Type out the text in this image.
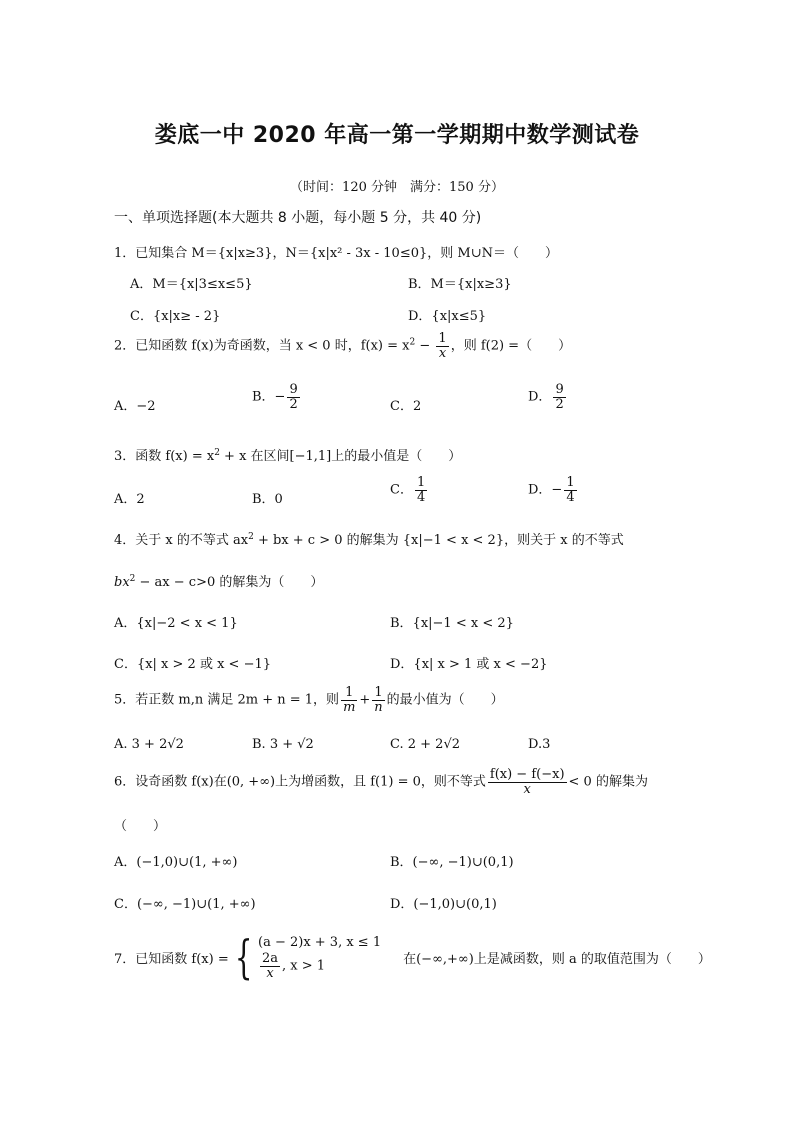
娄底一中 2020 年高一第一学期期中数学测试卷
（时间：120 分钟　满分：150 分）
一、单项选择题(本大题共 8 小题，每小题 5 分，共 40 分)
1．已知集合 M＝{x|x≥3}，N＝{x|x² - 3x - 10≤0}，则 M∪N＝（　　）
A．M＝{x|3≤x≤5}	B．M＝{x|x≥3}
C．{x|x≥ - 2}	D．{x|x≤5}
2．已知函数 f(x)为奇函数，当 x < 0 时，$f(x) = x^2 - \frac{1}{x}$ ，则 f(2) =（　　）
A．−2
B．− $\frac{9}{2}$	C．2
D． $\frac{9}{2}$
3．函数 $f(x) = x^2 + x$ 在区间[−1,1]上的最小值是（　　）
A．2	B．0
C． $\frac{1}{4}$	D．− $\frac{1}{4}$
4．关于 x 的不等式 $ax^2$ + bx + c > 0 的解集为 {x|−1 < x < 2}，则关于 x 的不等式
$bx^2$ − ax − c>0 的解集为（　　）
A．{x|−2 < x < 1}	B．{x|−1 < x < 2}
C．{x| x > 2 或 x < −1}	D．{x| x > 1 或 x < −2}
5．若正数 m,n 满足 2m + n = 1，则 $\frac{1}{m} + \frac{1}{n}$ 的最小值为（　　）
A. 3 + 2√2	B. 3 + √2	C. 2 + 2√2	D.3
6．设奇函数 f(x)在(0, +∞)上为增函数，且 f(1) = 0，则不等式 $\frac{f(x) - f(-x)}{x} < 0$ 的解集为
（　　）
A．(−1,0)∪(1, +∞)	B．(−∞, −1)∪(0,1)
C．(−∞, −1)∪(1, +∞)	D．(−1,0)∪(0,1)
7．已知函数 f(x) = { (a − 2)x + 3, x ≤ 1
$\frac{2a}{x}$ , x > 1	在(−∞,+∞)上是减函数，则 a 的取值范围为（　　）
